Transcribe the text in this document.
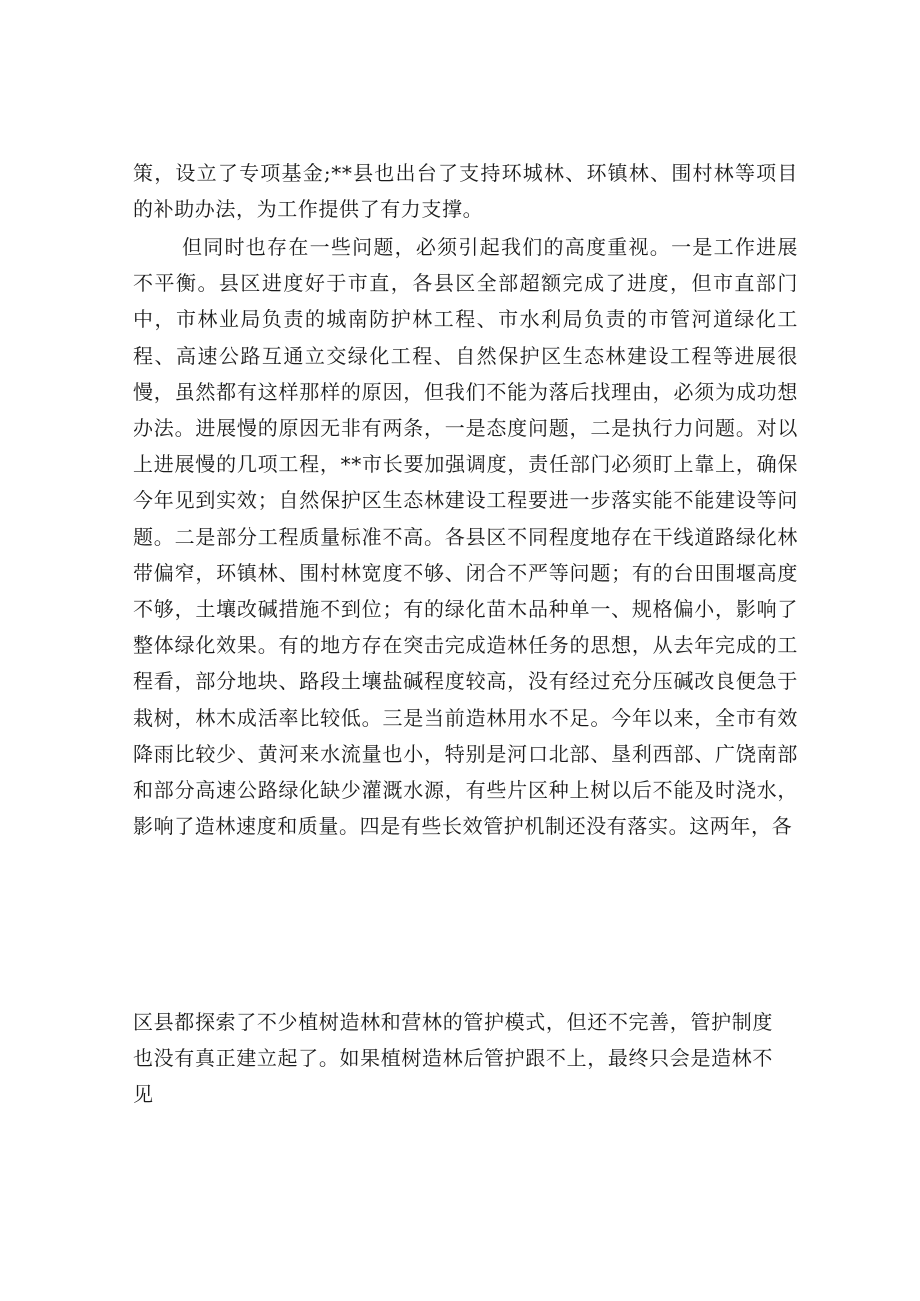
策，设立了专项基金;**县也出台了支持环城林、环镇林、围村林等项目的补助办法，为工作提供了有力支撑。

但同时也存在一些问题，必须引起我们的高度重视。一是工作进展不平衡。县区进度好于市直，各县区全部超额完成了进度，但市直部门中，市林业局负责的城南防护林工程、市水利局负责的市管河道绿化工程、高速公路互通立交绿化工程、自然保护区生态林建设工程等进展很慢，虽然都有这样那样的原因，但我们不能为落后找理由，必须为成功想办法。进展慢的原因无非有两条，一是态度问题，二是执行力问题。对以上进展慢的几项工程，**市长要加强调度，责任部门必须盯上靠上，确保今年见到实效；自然保护区生态林建设工程要进一步落实能不能建设等问题。二是部分工程质量标准不高。各县区不同程度地存在干线道路绿化林带偏窄，环镇林、围村林宽度不够、闭合不严等问题；有的台田围堰高度不够，土壤改碱措施不到位；有的绿化苗木品种单一、规格偏小，影响了整体绿化效果。有的地方存在突击完成造林任务的思想，从去年完成的工程看，部分地块、路段土壤盐碱程度较高，没有经过充分压碱改良便急于栽树，林木成活率比较低。三是当前造林用水不足。今年以来，全市有效降雨比较少、黄河来水流量也小，特别是河口北部、垦利西部、广饶南部和部分高速公路绿化缺少灌溉水源，有些片区种上树以后不能及时浇水，影响了造林速度和质量。四是有些长效管护机制还没有落实。这两年，各

区县都探索了不少植树造林和营林的管护模式，但还不完善，管护制度也没有真正建立起了。如果植树造林后管护跟不上，最终只会是造林不见
